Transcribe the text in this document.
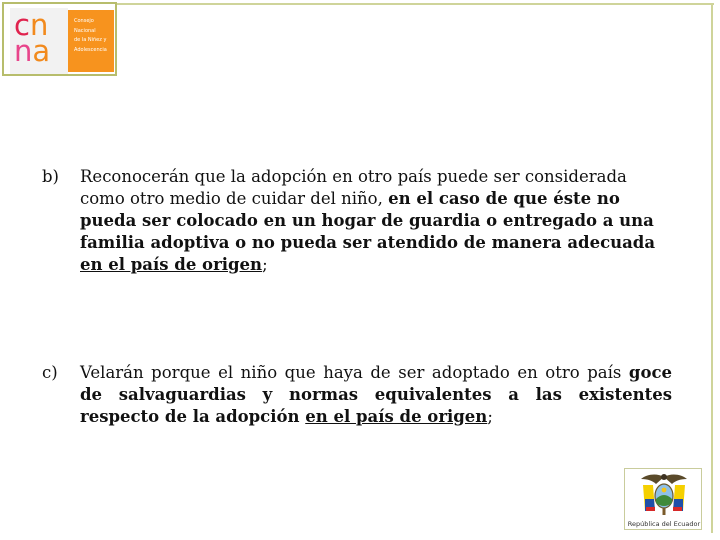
cn
na
Consejo
Nacional
de la Niñez y
Adolescencia
b) Reconocerán que la adopción en otro país puede ser considerada como otro medio de cuidar del niño, en el caso de que éste no pueda ser colocado en un hogar de guardia o entregado a una familia adoptiva o no pueda ser atendido de manera adecuada en el país de origen;

c) Velarán porque el niño que haya de ser adoptado en otro país goce de salvaguardias y normas equivalentes a las existentes respecto de la adopción en el país de origen;

República del Ecuador
